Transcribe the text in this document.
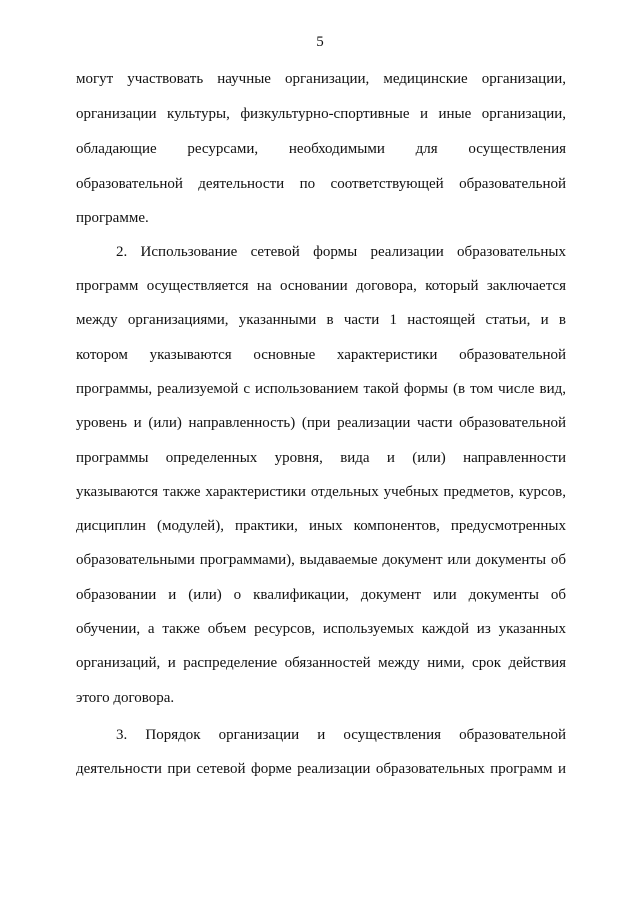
5
могут участвовать научные организации, медицинские организации,
организации культуры, физкультурно-спортивные и иные организации,
обладающие ресурсами, необходимыми для осуществления
образовательной деятельности по соответствующей образовательной
программе.
2. Использование сетевой формы реализации образовательных
программ осуществляется на основании договора, который заключается
между организациями, указанными в части 1 настоящей статьи, и в
котором указываются основные характеристики образовательной
программы, реализуемой с использованием такой формы (в том числе вид,
уровень и (или) направленность) (при реализации части образовательной
программы определенных уровня, вида и (или) направленности
указываются также характеристики отдельных учебных предметов, курсов,
дисциплин (модулей), практики, иных компонентов, предусмотренных
образовательными программами), выдаваемые документ или документы об
образовании и (или) о квалификации, документ или документы об
обучении, а также объем ресурсов, используемых каждой из указанных
организаций, и распределение обязанностей между ними, срок действия
этого договора.
3. Порядок организации и осуществления образовательной
деятельности при сетевой форме реализации образовательных программ и
